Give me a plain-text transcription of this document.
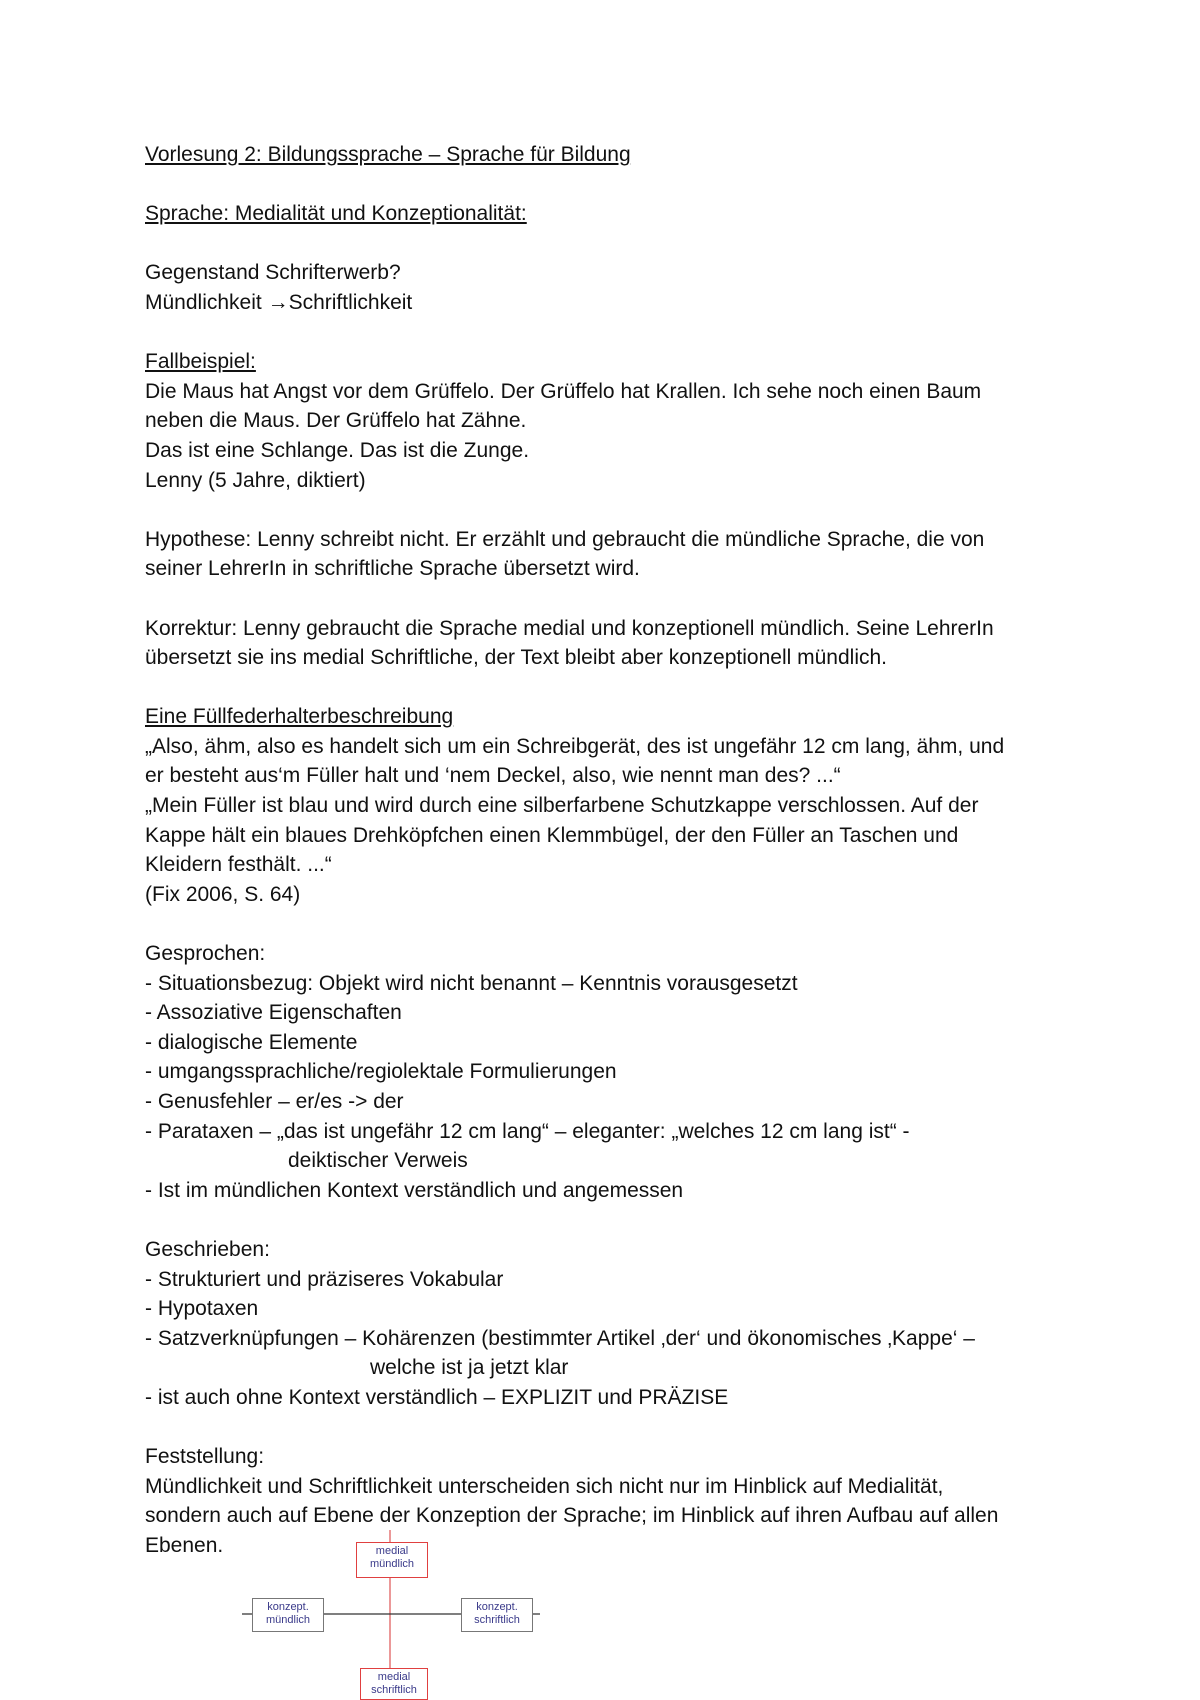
Vorlesung 2: Bildungssprache – Sprache für Bildung
Sprache: Medialität und Konzeptionalität:
Gegenstand Schrifterwerb?
Mündlichkeit →Schriftlichkeit
Fallbeispiel:
Die Maus hat Angst vor dem Grüffelo. Der Grüffelo hat Krallen. Ich sehe noch einen Baum
neben die Maus. Der Grüffelo hat Zähne.
Das ist eine Schlange. Das ist die Zunge.
Lenny (5 Jahre, diktiert)
Hypothese: Lenny schreibt nicht. Er erzählt und gebraucht die mündliche Sprache, die von
seiner LehrerIn in schriftliche Sprache übersetzt wird.
Korrektur: Lenny gebraucht die Sprache medial und konzeptionell mündlich. Seine LehrerIn
übersetzt sie ins medial Schriftliche, der Text bleibt aber konzeptionell mündlich.
Eine Füllfederhalterbeschreibung
„Also, ähm, also es handelt sich um ein Schreibgerät, des ist ungefähr 12 cm lang, ähm, und
er besteht aus‘m Füller halt und ‘nem Deckel, also, wie nennt man des? ...“
„Mein Füller ist blau und wird durch eine silberfarbene Schutzkappe verschlossen. Auf der
Kappe hält ein blaues Drehköpfchen einen Klemmbügel, der den Füller an Taschen und
Kleidern festhält. ...“
(Fix 2006, S. 64)
Gesprochen:
- Situationsbezug: Objekt wird nicht benannt – Kenntnis vorausgesetzt
- Assoziative Eigenschaften
- dialogische Elemente
- umgangssprachliche/regiolektale Formulierungen
- Genusfehler – er/es -> der
- Parataxen – „das ist ungefähr 12 cm lang“ – eleganter: „welches 12 cm lang ist“ -
deiktischer Verweis
- Ist im mündlichen Kontext verständlich und angemessen
Geschrieben:
- Strukturiert und präziseres Vokabular
- Hypotaxen
- Satzverknüpfungen – Kohärenzen (bestimmter Artikel ‚der‘ und ökonomisches ‚Kappe‘ –
welche ist ja jetzt klar
- ist auch ohne Kontext verständlich – EXPLIZIT und PRÄZISE
Feststellung:
Mündlichkeit und Schriftlichkeit unterscheiden sich nicht nur im Hinblick auf Medialität,
sondern auch auf Ebene der Konzeption der Sprache; im Hinblick auf ihren Aufbau auf allen
Ebenen.	medial
mündlich
konzept.
mündlich
konzept.
schriftlich
medial
schriftlich
